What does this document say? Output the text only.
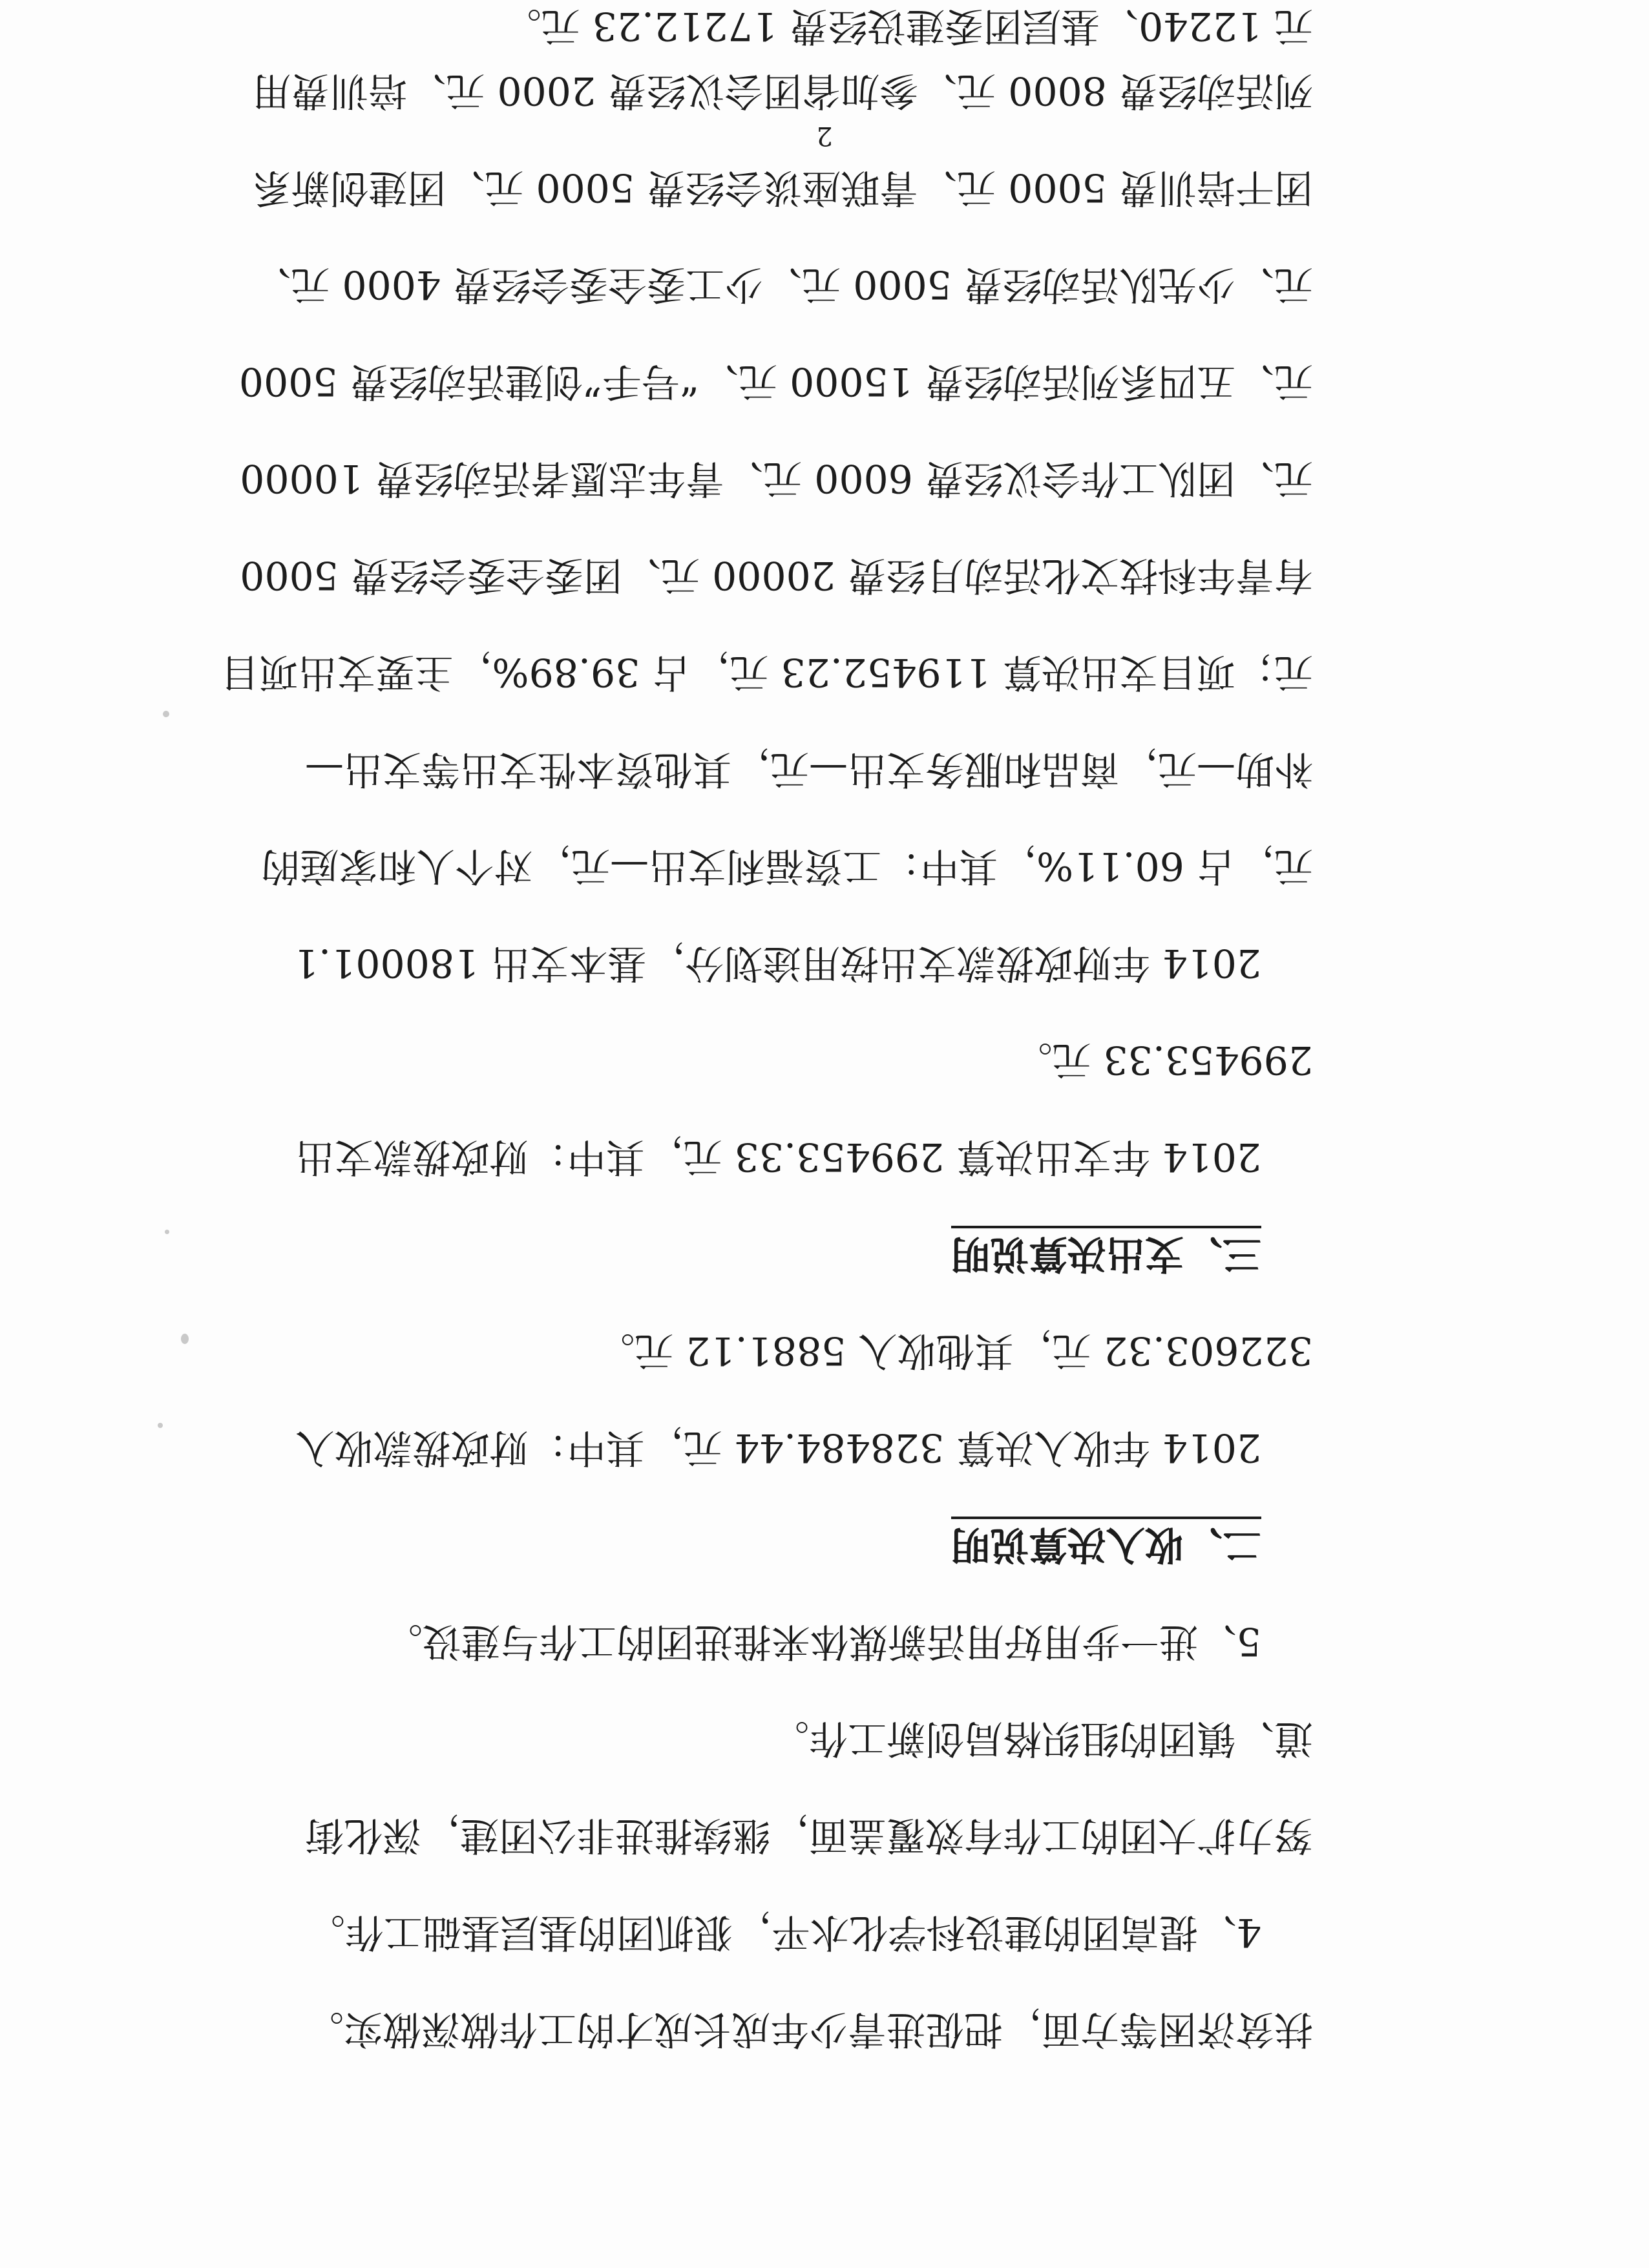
扶贫济困等方面，把促进青少年成长成才的工作做深做实。
4、提高团的建设科学化水平，狠抓团的基层基础工作。
努力扩大团的工作有效覆盖面，继续推进非公团建，深化街
道、镇团的组织格局创新工作。
5、进一步用好用活新媒体来推进团的工作与建设。
二、收入决算说明
2014 年收入决算 328484.44 元，其中：财政拨款收入
322603.32 元，其他收入 5881.12 元。
三、支出决算说明
2014 年支出决算 299453.33 元，其中：财政拨款支出
299453.33 元。
2014 年财政拨款支出按用途划分，基本支出 180001.1
元，占 60.11%，其中：工资福利支出—元，对个人和家庭的
补助—元，商品和服务支出—元，其他资本性支出等支出—
元；项目支出决算 119452.23 元，占 39.89%，主要支出项目
有青年科技文化活动月经费 20000 元、团委全委会经费 5000
元、团队工作会议经费 6000 元、青年志愿者活动经费 10000
元、五四系列活动经费 15000 元、“号手”创建活动经费 5000
元、少先队活动经费 5000 元、少工委全委会经费 4000 元、
团干培训费 5000 元、青联座谈会经费 5000 元、团建创新系
列活动经费 8000 元、参加省团会议经费 2000 元、培训费用
元 12240、基层团委建设经费 17212.23 元。
2
